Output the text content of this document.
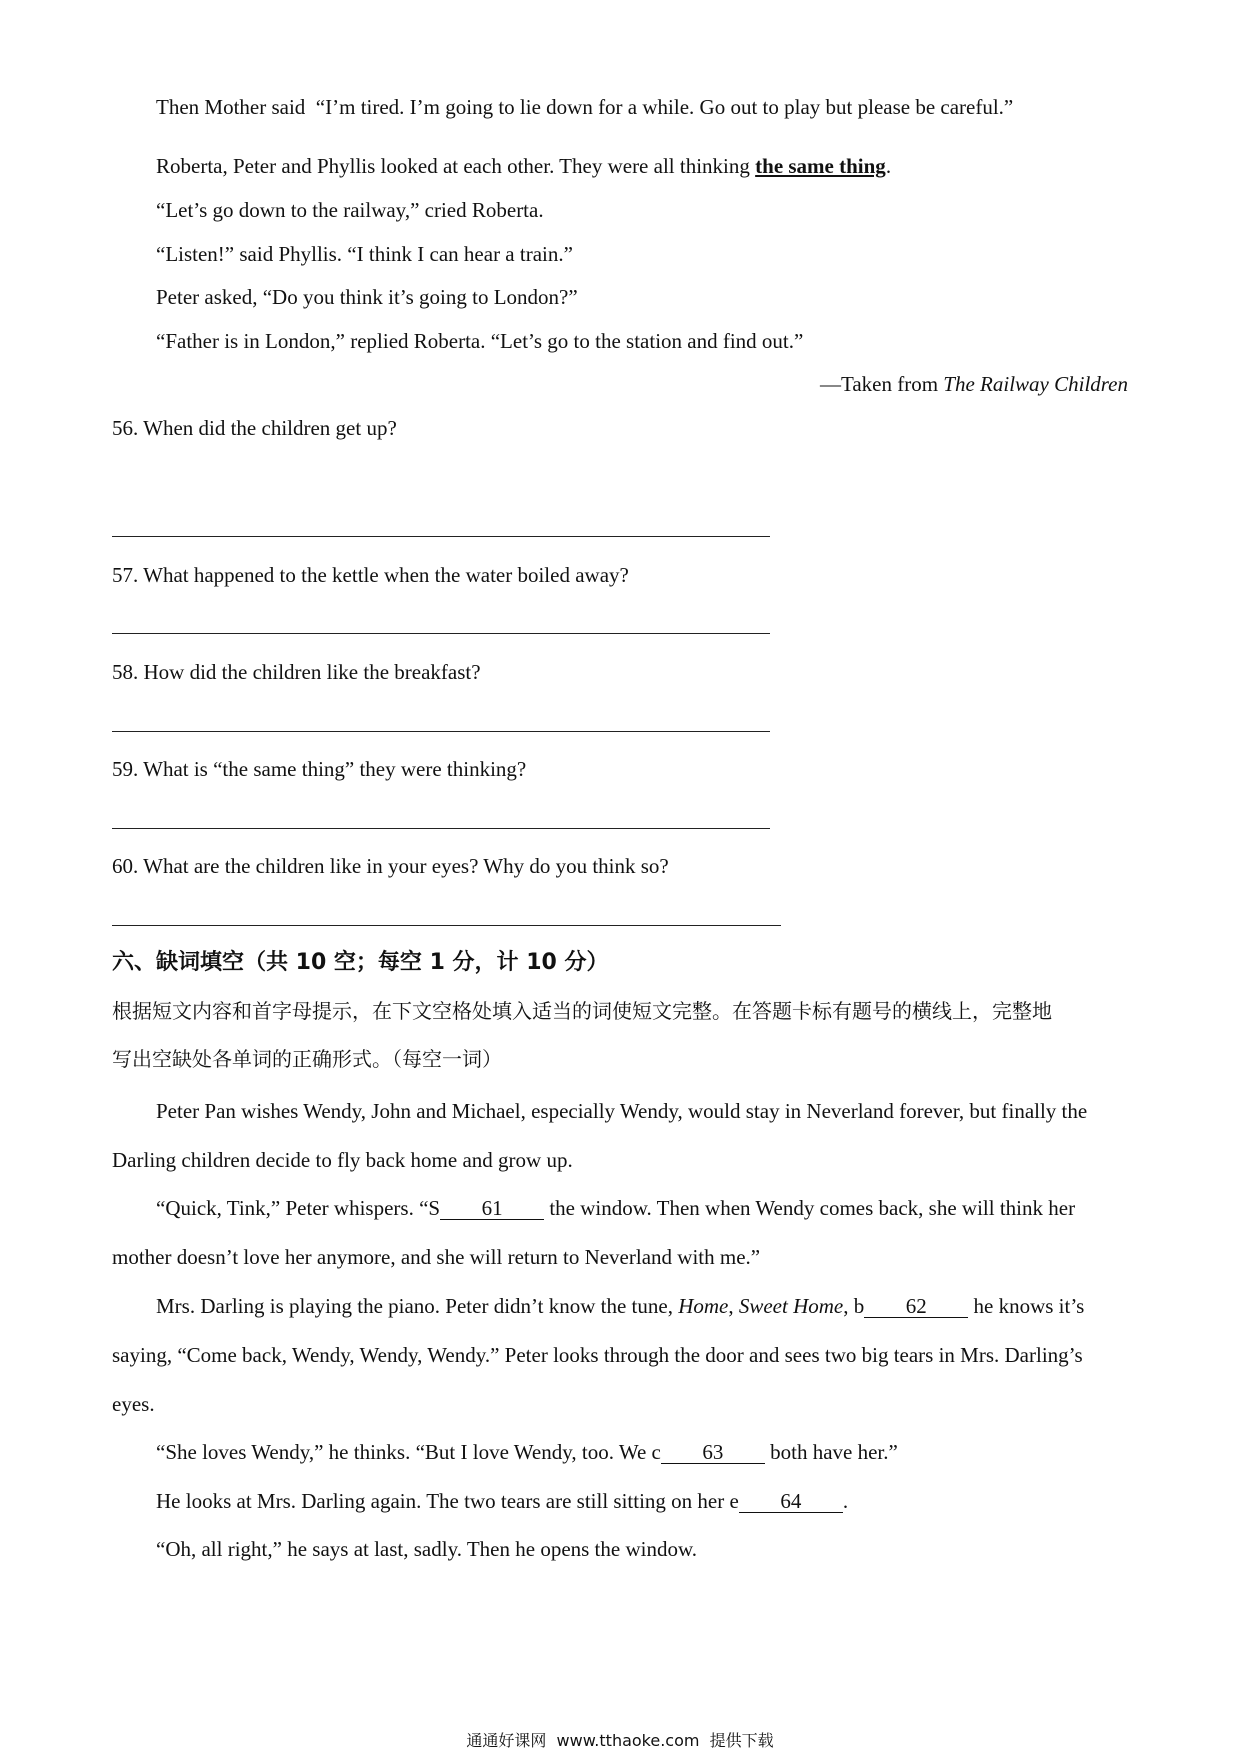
Then Mother said  “I’m tired. I’m going to lie down for a while. Go out to play but please be careful.”
Roberta, Peter and Phyllis looked at each other. They were all thinking the same thing.
“Let’s go down to the railway,” cried Roberta.
“Listen!” said Phyllis. “I think I can hear a train.”
Peter asked, “Do you think it’s going to London?”
“Father is in London,” replied Roberta. “Let’s go to the station and find out.”
—Taken from The Railway Children
56. When did the children get up?
57. What happened to the kettle when the water boiled away?
58. How did the children like the breakfast?
59. What is “the same thing” they were thinking?
60. What are the children like in your eyes? Why do you think so?
六、缺词填空（共 10 空；每空 1 分，计 10 分）
根据短文内容和首字母提示，在下文空格处填入适当的词使短文完整。在答题卡标有题号的横线上，完整地
写出空缺处各单词的正确形式。（每空一词）
Peter Pan wishes Wendy, John and Michael, especially Wendy, would stay in Neverland forever, but finally the
Darling children decide to fly back home and grow up.
“Quick, Tink,” Peter whispers. “S 61 the window. Then when Wendy comes back, she will think her
mother doesn’t love her anymore, and she will return to Neverland with me.”
Mrs. Darling is playing the piano. Peter didn’t know the tune, Home, Sweet Home, b 62 he knows it’s
saying, “Come back, Wendy, Wendy, Wendy.” Peter looks through the door and sees two big tears in Mrs. Darling’s
eyes.
“She loves Wendy,” he thinks. “But I love Wendy, too. We c 63 both have her.”
He looks at Mrs. Darling again. The two tears are still sitting on her e 64 .
“Oh, all right,” he says at last, sadly. Then he opens the window.
通通好课网  www.tthaoke.com  提供下载
